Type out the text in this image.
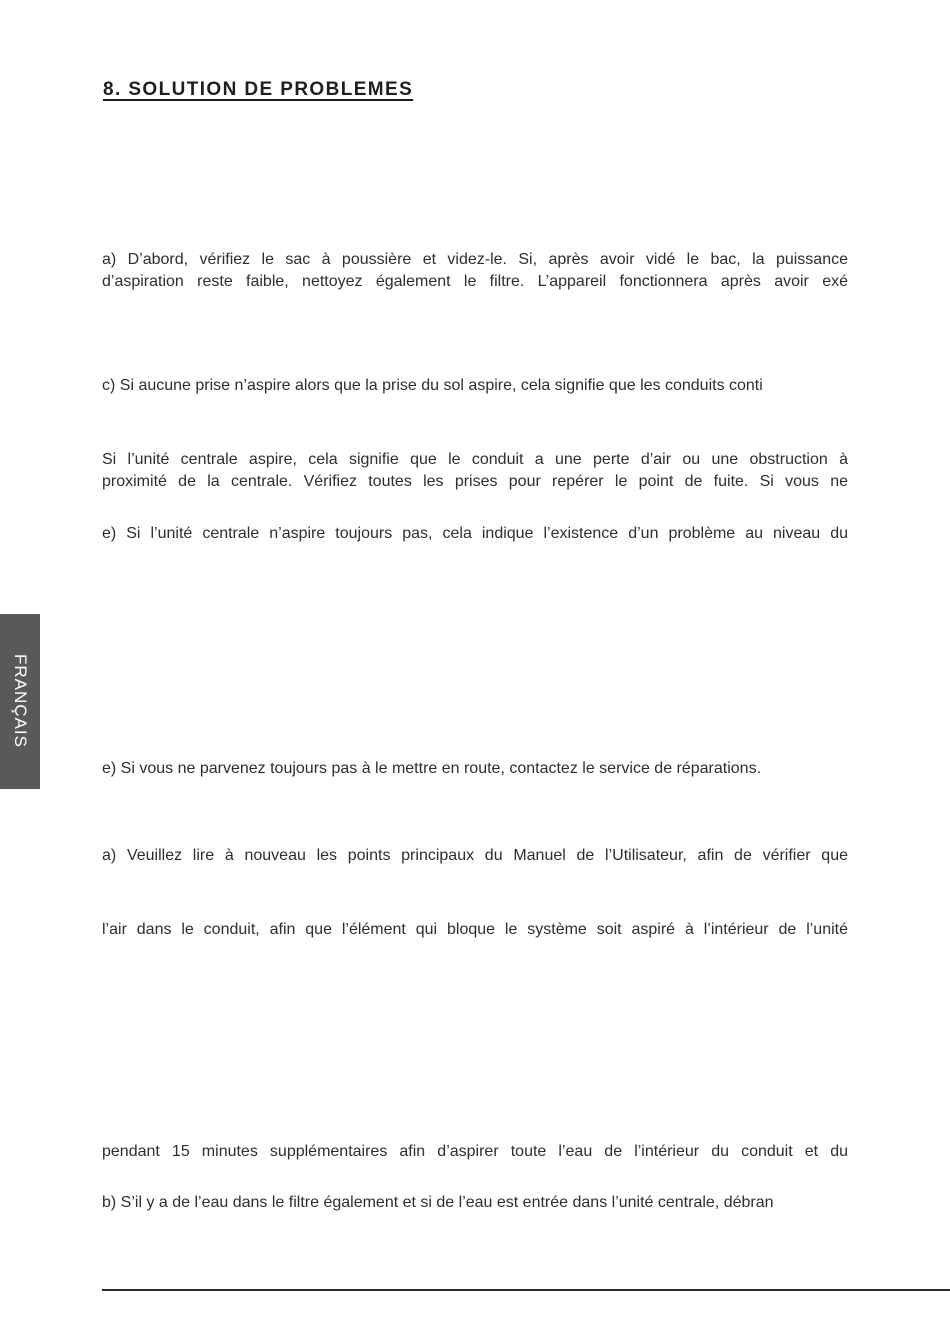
8. SOLUTION DE PROBLEMES

a) D’abord, vérifiez le sac à poussière et videz-le. Si, après avoir vidé le bac, la puissance
d’aspiration reste faible, nettoyez également le filtre. L’appareil fonctionnera après avoir exé

c) Si aucune prise n’aspire alors que la prise du sol aspire, cela signifie que les conduits conti

Si l’unité centrale aspire, cela signifie que le conduit a une perte d’air ou une obstruction à
proximité de la centrale. Vérifiez toutes les prises pour repérer le point de fuite. Si vous ne

e) Si l’unité centrale n’aspire toujours pas, cela indique l’existence d’un problème au niveau du

FRANÇAIS

e) Si vous ne parvenez toujours pas à le mettre en route, contactez le service de réparations.

a) Veuillez lire à nouveau les points principaux du Manuel de l’Utilisateur, afin de vérifier que

l’air dans le conduit, afin que l’élément qui bloque le système soit aspiré à l’intérieur de l’unité

pendant 15 minutes supplémentaires afin d’aspirer toute l’eau de l’intérieur du conduit et du

b) S’il y a de l’eau dans le filtre également et si de l’eau est entrée dans l’unité centrale, débran
